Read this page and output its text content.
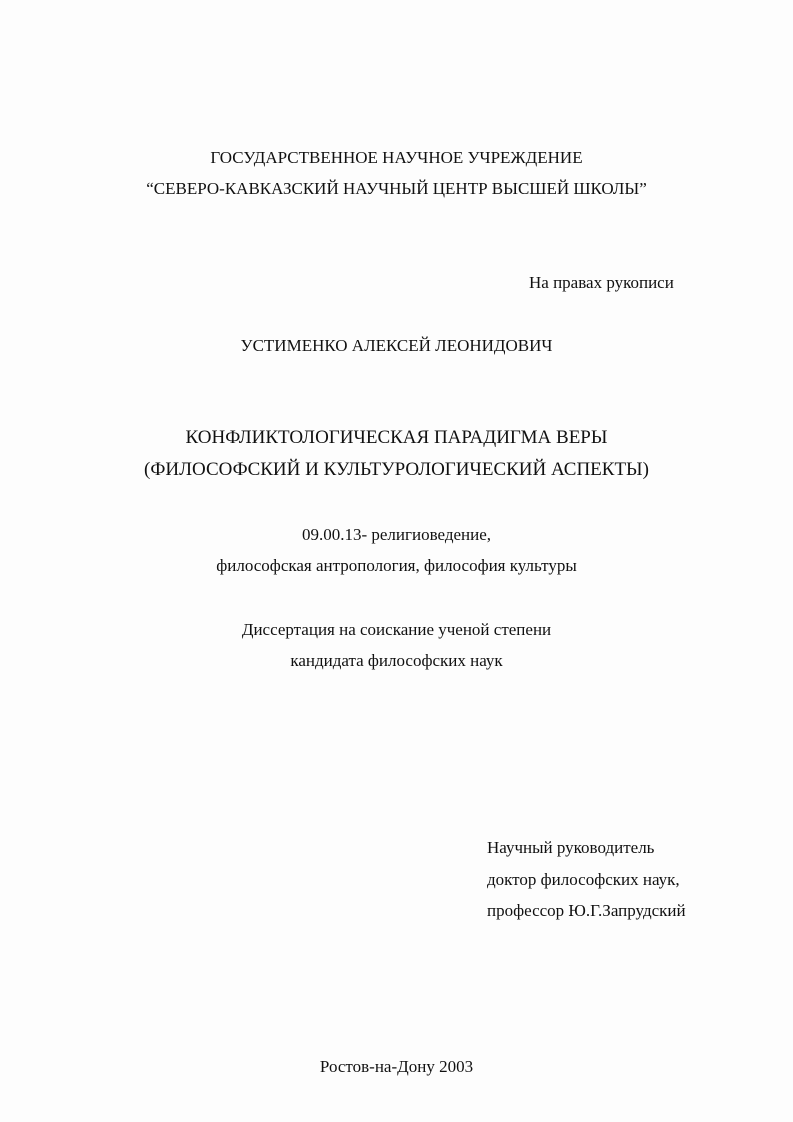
ГОСУДАРСТВЕННОЕ НАУЧНОЕ УЧРЕЖДЕНИЕ
“СЕВЕРО-КАВКАЗСКИЙ НАУЧНЫЙ ЦЕНТР ВЫСШЕЙ ШКОЛЫ”
На правах рукописи
УСТИМЕНКО АЛЕКСЕЙ ЛЕОНИДОВИЧ
КОНФЛИКТОЛОГИЧЕСКАЯ ПАРАДИГМА ВЕРЫ
(ФИЛОСОФСКИЙ И КУЛЬТУРОЛОГИЧЕСКИЙ АСПЕКТЫ)
09.00.13- религиоведение,
философская антропология, философия культуры
Диссертация на соискание ученой степени
кандидата философских наук
Научный руководитель
доктор философских наук,
профессор Ю.Г.Запрудский
Ростов-на-Дону 2003
